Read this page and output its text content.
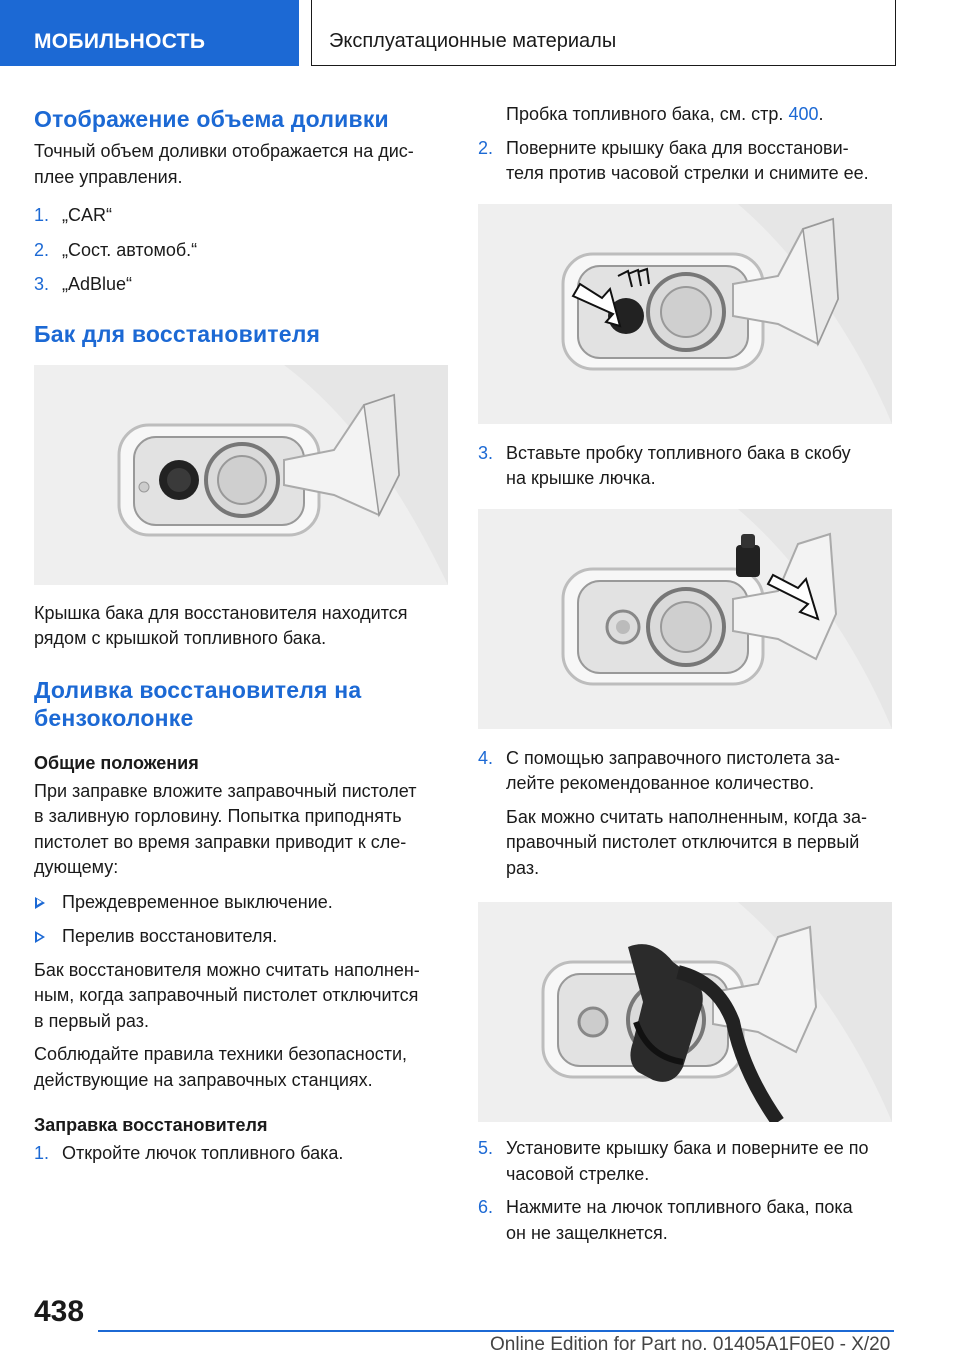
МОБИЛЬНОСТЬ	Эксплуатационные материалы
Отображение объема доливки

Точный объем доливки отображается на дис-

плее управления.

1. „CAR“
2. „Сост. автомоб.“
3. „AdBlue“
Бак для восстановителя

Крышка бака для восстановителя находится

рядом с крышкой топливного бака.

Доливка восстановителя на
бензоколонке
Общие положения

При заправке вложите заправочный пистолет

в заливную горловину. Попытка приподнять

пистолет во время заправки приводит к сле-

дующему:

Преждевременное выключение.
Перелив восстановителя.

Бак восстановителя можно считать наполнен-

ным, когда заправочный пистолет отключится

в первый раз.

Соблюдайте правила техники безопасности,

действующие на заправочных станциях.

Заправка восстановителя
1. Откройте лючок топливного бака.
Пробка топливного бака, см. стр. 400.
2. Поверните крышку бака для восстанови-
теля против часовой стрелки и снимите ее.
3. Вставьте пробку топливного бака в скобу
на крышке лючка.
4. С помощью заправочного пистолета за-
лейте рекомендованное количество.
Бак можно считать наполненным, когда за-
правочный пистолет отключится в первый
раз.
5. Установите крышку бака и поверните ее по
часовой стрелке.
6. Нажмите на лючок топливного бака, пока
он не защелкнется.
438
Online Edition for Part no. 01405A1F0E0 - X/20
